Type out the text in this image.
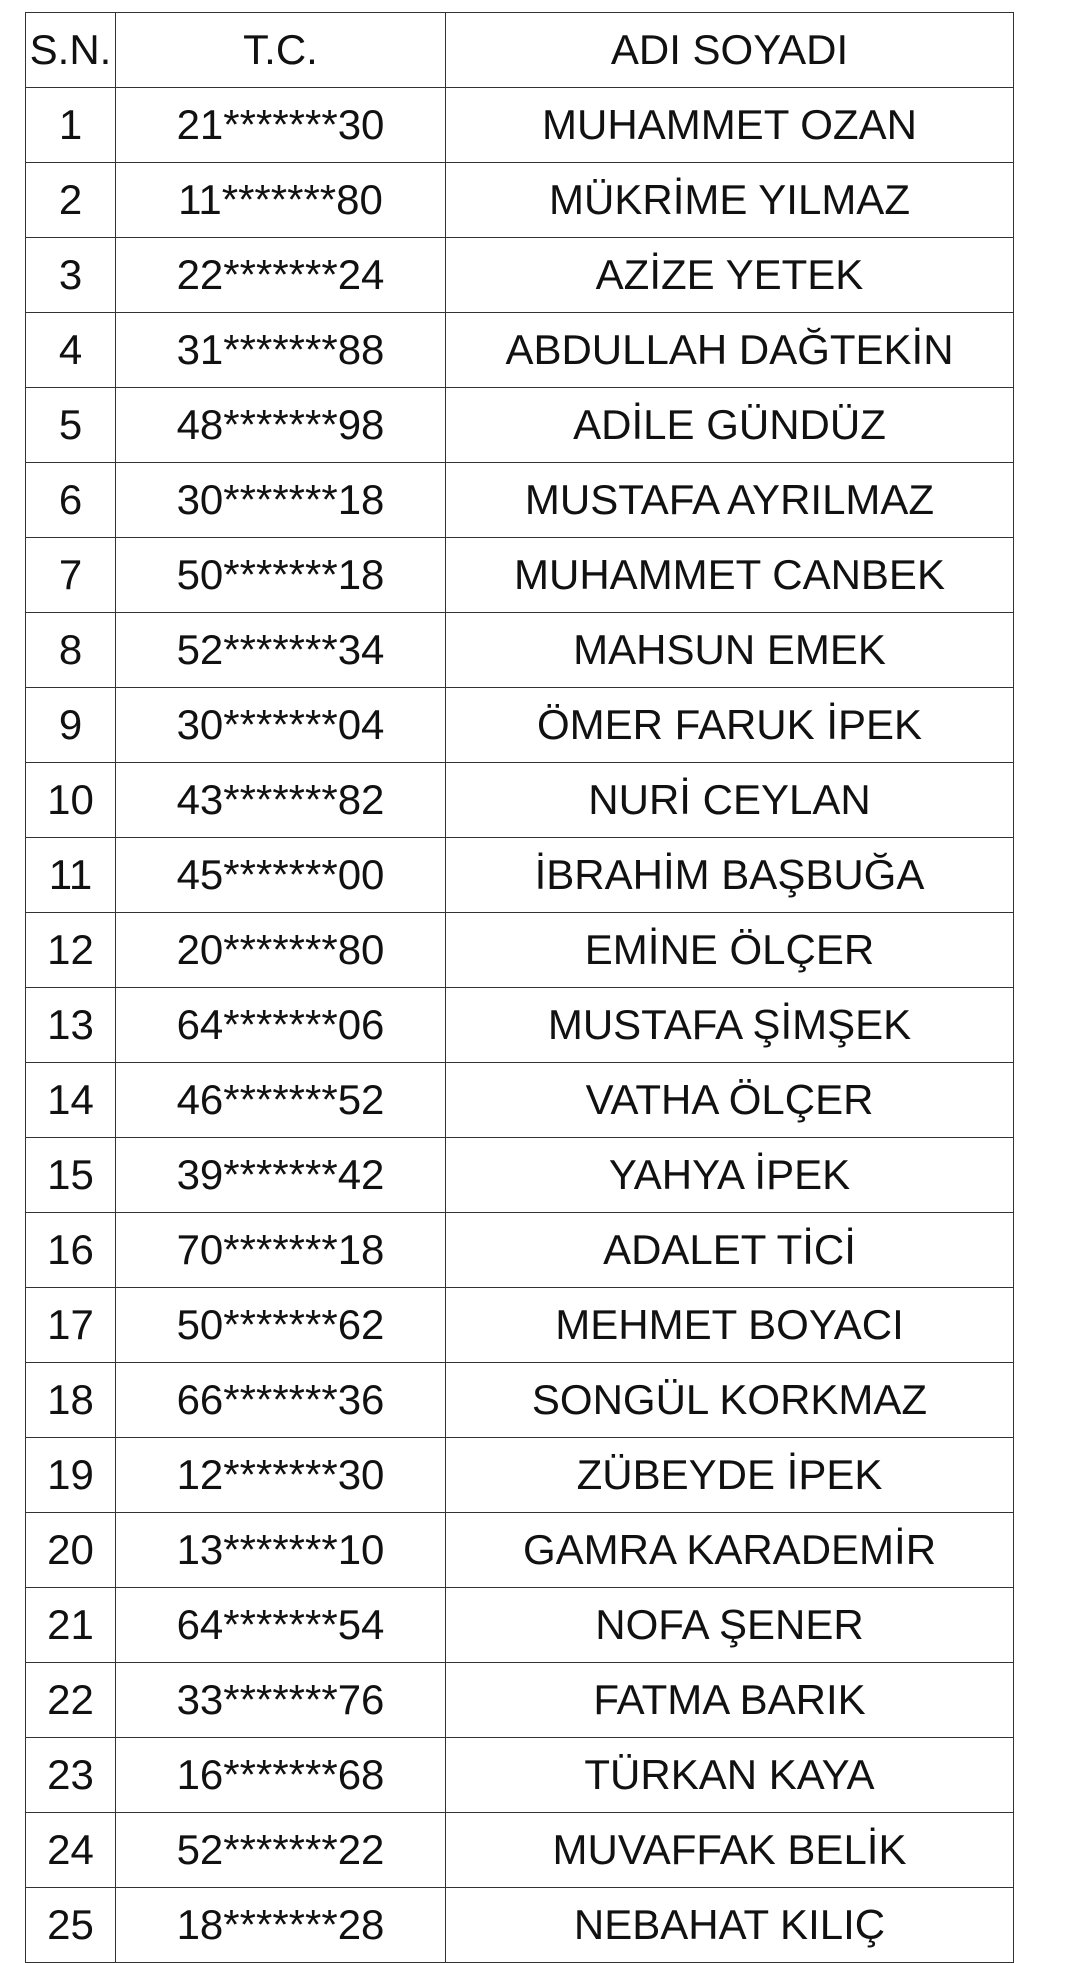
S.N.	T.C.	ADI SOYADI
1	21*******30	MUHAMMET OZAN
2	11*******80	MÜKRİME YILMAZ
3	22*******24	AZİZE YETEK
4	31*******88	ABDULLAH DAĞTEKİN
5	48*******98	ADİLE GÜNDÜZ
6	30*******18	MUSTAFA AYRILMAZ
7	50*******18	MUHAMMET CANBEK
8	52*******34	MAHSUN EMEK
9	30*******04	ÖMER FARUK İPEK
10	43*******82	NURİ CEYLAN
11	45*******00	İBRAHİM BAŞBUĞA
12	20*******80	EMİNE ÖLÇER
13	64*******06	MUSTAFA ŞİMŞEK
14	46*******52	VATHA ÖLÇER
15	39*******42	YAHYA İPEK
16	70*******18	ADALET TİCİ
17	50*******62	MEHMET BOYACI
18	66*******36	SONGÜL KORKMAZ
19	12*******30	ZÜBEYDE İPEK
20	13*******10	GAMRA KARADEMİR
21	64*******54	NOFA ŞENER
22	33*******76	FATMA BARIK
23	16*******68	TÜRKAN KAYA
24	52*******22	MUVAFFAK BELİK
25	18*******28	NEBAHAT KILIÇ
